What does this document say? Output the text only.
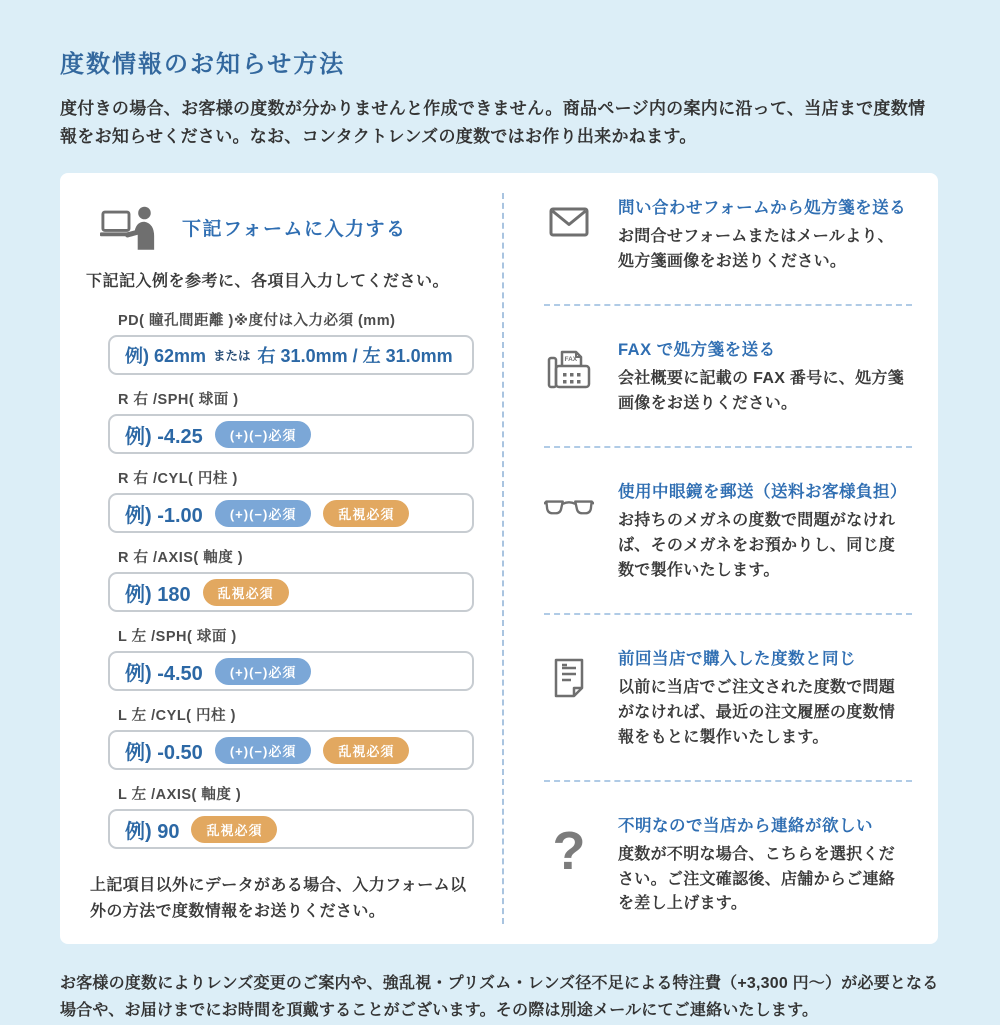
度数情報のお知らせ方法

度付きの場合、お客様の度数が分かりませんと作成できません。商品ページ内の案内に沿って、当店まで度数情報をお知らせください。なお、コンタクトレンズの度数ではお作り出来かねます。

下記フォームに入力する

下記記入例を参考に、各項目入力してください。

PD( 瞳孔間距離 )※度付は入力必須 (mm)
例) 62mm または 右 31.0mm / 左 31.0mm
R 右 /SPH( 球面 )
例) -4.25	(+)(−)必須
R 右 /CYL( 円柱 )
例) -1.00	(+)(−)必須	乱視必須
R 右 /AXIS( 軸度 )
例) 180	乱視必須
L 左 /SPH( 球面 )
例) -4.50	(+)(−)必須
L 左 /CYL( 円柱 )
例) -0.50	(+)(−)必須	乱視必須
L 左 /AXIS( 軸度 )
例) 90	乱視必須

上記項目以外にデータがある場合、入力フォーム以外の方法で度数情報をお送りください。

問い合わせフォームから処方箋を送る

お問合せフォームまたはメールより、処方箋画像をお送りください。

FAX

FAX で処方箋を送る

会社概要に記載の FAX 番号に、処方箋画像をお送りください。

使用中眼鏡を郵送（送料お客様負担）

お持ちのメガネの度数で問題がなければ、そのメガネをお預かりし、同じ度数で製作いたします。

前回当店で購入した度数と同じ

以前に当店でご注文された度数で問題がなければ、最近の注文履歴の度数情報をもとに製作いたします。

? 不明なので当店から連絡が欲しい

度数が不明な場合、こちらを選択ください。ご注文確認後、店舗からご連絡を差し上げます。

お客様の度数によりレンズ変更のご案内や、強乱視・プリズム・レンズ径不足による特注費（+3,300 円～）が必要となる場合や、お届けまでにお時間を頂戴することがございます。その際は別途メールにてご連絡いたします。
